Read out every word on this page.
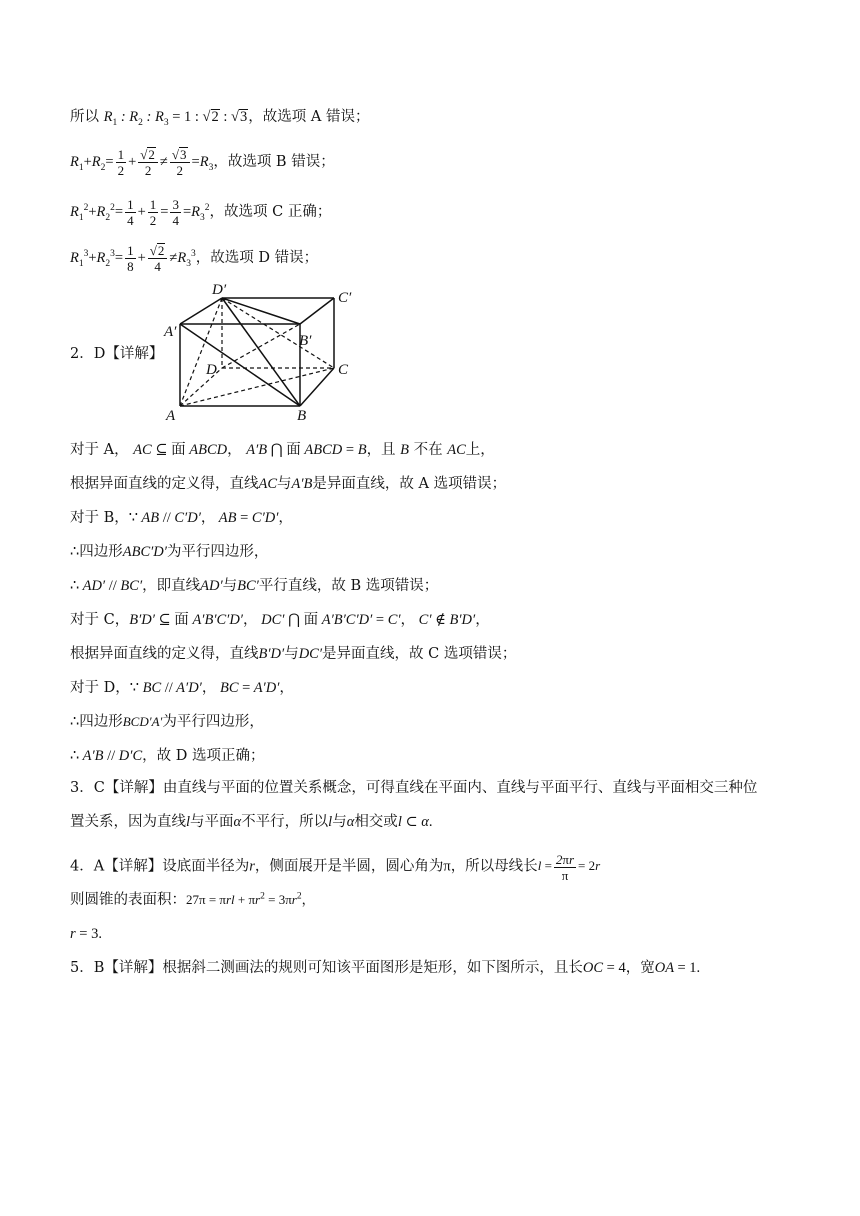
所以 $R_1$ : $R_2$ : $R_3 = 1$ : √2 : √3，故选项 A 错误；
$R_1+R_2= \frac{1}{2} + \frac{√2}{2} \ne \frac{√3}{2} =R_3$，故选项 B 错误；
$R_1^2+R_2^2= \frac{1}{4} + \frac{1}{2} = \frac{3}{4} =R_3^2$，故选项 C 正确；
$R_1^3+R_2^3= \frac{1}{8} + \frac{√2}{4} \ne R_3^3$，故选项 D 错误；
2．D【详解】
D′	C′
A′
B′
D	C
A	B
对于 A， AC ⊆ 面 ABCD， A′B ⋂ 面 ABCD = B，且 B 不在 AC上，
根据异面直线的定义得，直线AC与A′B是异面直线，故 A 选项错误；
对于 B，∵ AB // C′D′， AB = C′D′，
∴四边形ABC′D′为平行四边形，
∴ AD′ // BC′，即直线AD′与BC′平行直线，故 B 选项错误；
对于 C，B′D′ ⊆ 面 A′B′C′D′， DC′ ⋂ 面 A′B′C′D′ = C′， C′ ∉ B′D′，
根据异面直线的定义得，直线B′D′与DC′是异面直线，故 C 选项错误；
对于 D，∵ BC // A′D′， BC = A′D′，
∴四边形BCD′A′为平行四边形，
∴ A′B // D′C，故 D 选项正确；
3．C【详解】由直线与平面的位置关系概念，可得直线在平面内、直线与平面平行、直线与平面相交三种位
置关系，因为直线l与平面α不平行，所以l与α相交或l ⊂ α.
4．A【详解】设底面半径为r，侧面展开是半圆，圆心角为π，所以母线长$l = \frac{2\pi r}{\pi} = 2r$
则圆锥的表面积：$27\pi = \pi rl + \pi r^2 = 3\pi r^2$，
r = 3.
5．B【详解】根据斜二测画法的规则可知该平面图形是矩形，如下图所示，且长OC = 4，宽OA = 1.
